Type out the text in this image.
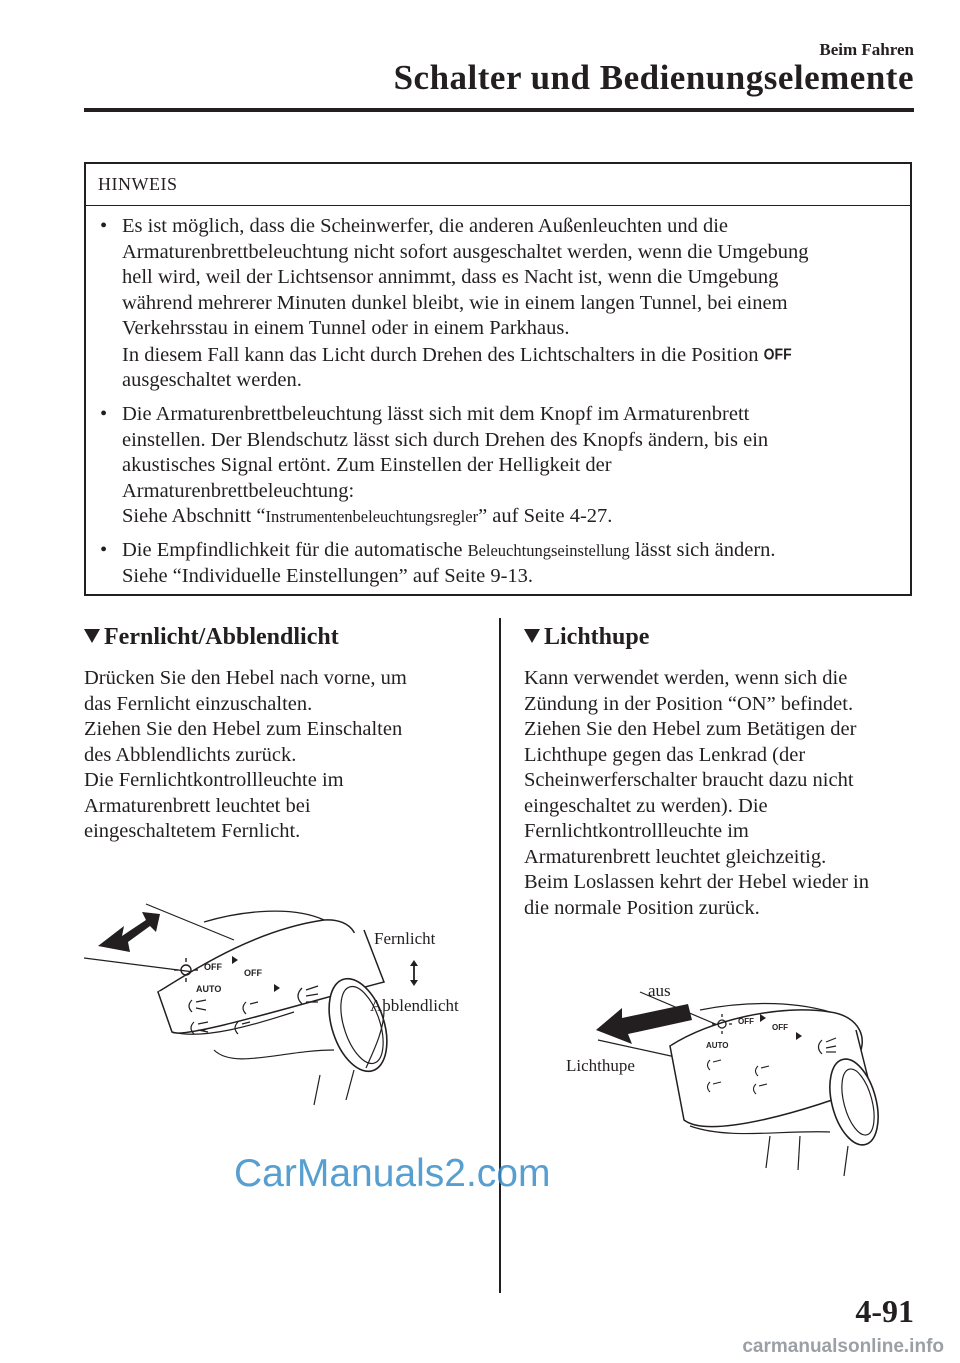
Beim Fahren
Schalter und Bedienungselemente
HINWEIS
• Es ist möglich, dass die Scheinwerfer, die anderen Außenleuchten und die
Armaturenbrettbeleuchtung nicht sofort ausgeschaltet werden, wenn die Umgebung
hell wird, weil der Lichtsensor annimmt, dass es Nacht ist, wenn die Umgebung
während mehrerer Minuten dunkel bleibt, wie in einem langen Tunnel, bei einem
Verkehrsstau in einem Tunnel oder in einem Parkhaus.
In diesem Fall kann das Licht durch Drehen des Lichtschalters in die Position OFF
ausgeschaltet werden.
• Die Armaturenbrettbeleuchtung lässt sich mit dem Knopf im Armaturenbrett
einstellen. Der Blendschutz lässt sich durch Drehen des Knopfs ändern, bis ein
akustisches Signal ertönt. Zum Einstellen der Helligkeit der
Armaturenbrettbeleuchtung:
Siehe Abschnitt “Instrumentenbeleuchtungsregler” auf Seite 4-27.
• Die Empfindlichkeit für die automatische Beleuchtungseinstellung lässt sich ändern.
Siehe “Individuelle Einstellungen” auf Seite 9-13.
Fernlicht/Abblendlicht
Drücken Sie den Hebel nach vorne, um
das Fernlicht einzuschalten.
Ziehen Sie den Hebel zum Einschalten
des Abblendlichts zurück.
Die Fernlichtkontrollleuchte im
Armaturenbrett leuchtet bei
eingeschaltetem Fernlicht.
OFF
AUTO
OFF
Fernlicht
Abblendlicht
Lichthupe
Kann verwendet werden, wenn sich die
Zündung in der Position “ON” befindet.
Ziehen Sie den Hebel zum Betätigen der
Lichthupe gegen das Lenkrad (der
Scheinwerferschalter braucht dazu nicht
eingeschaltet zu werden). Die
Fernlichtkontrollleuchte im
Armaturenbrett leuchtet gleichzeitig.
Beim Loslassen kehrt der Hebel wieder in
die normale Position zurück.
OFF
AUTO
OFF
aus
Lichthupe
CarManuals2.com
4-91
carmanualsonline.info
